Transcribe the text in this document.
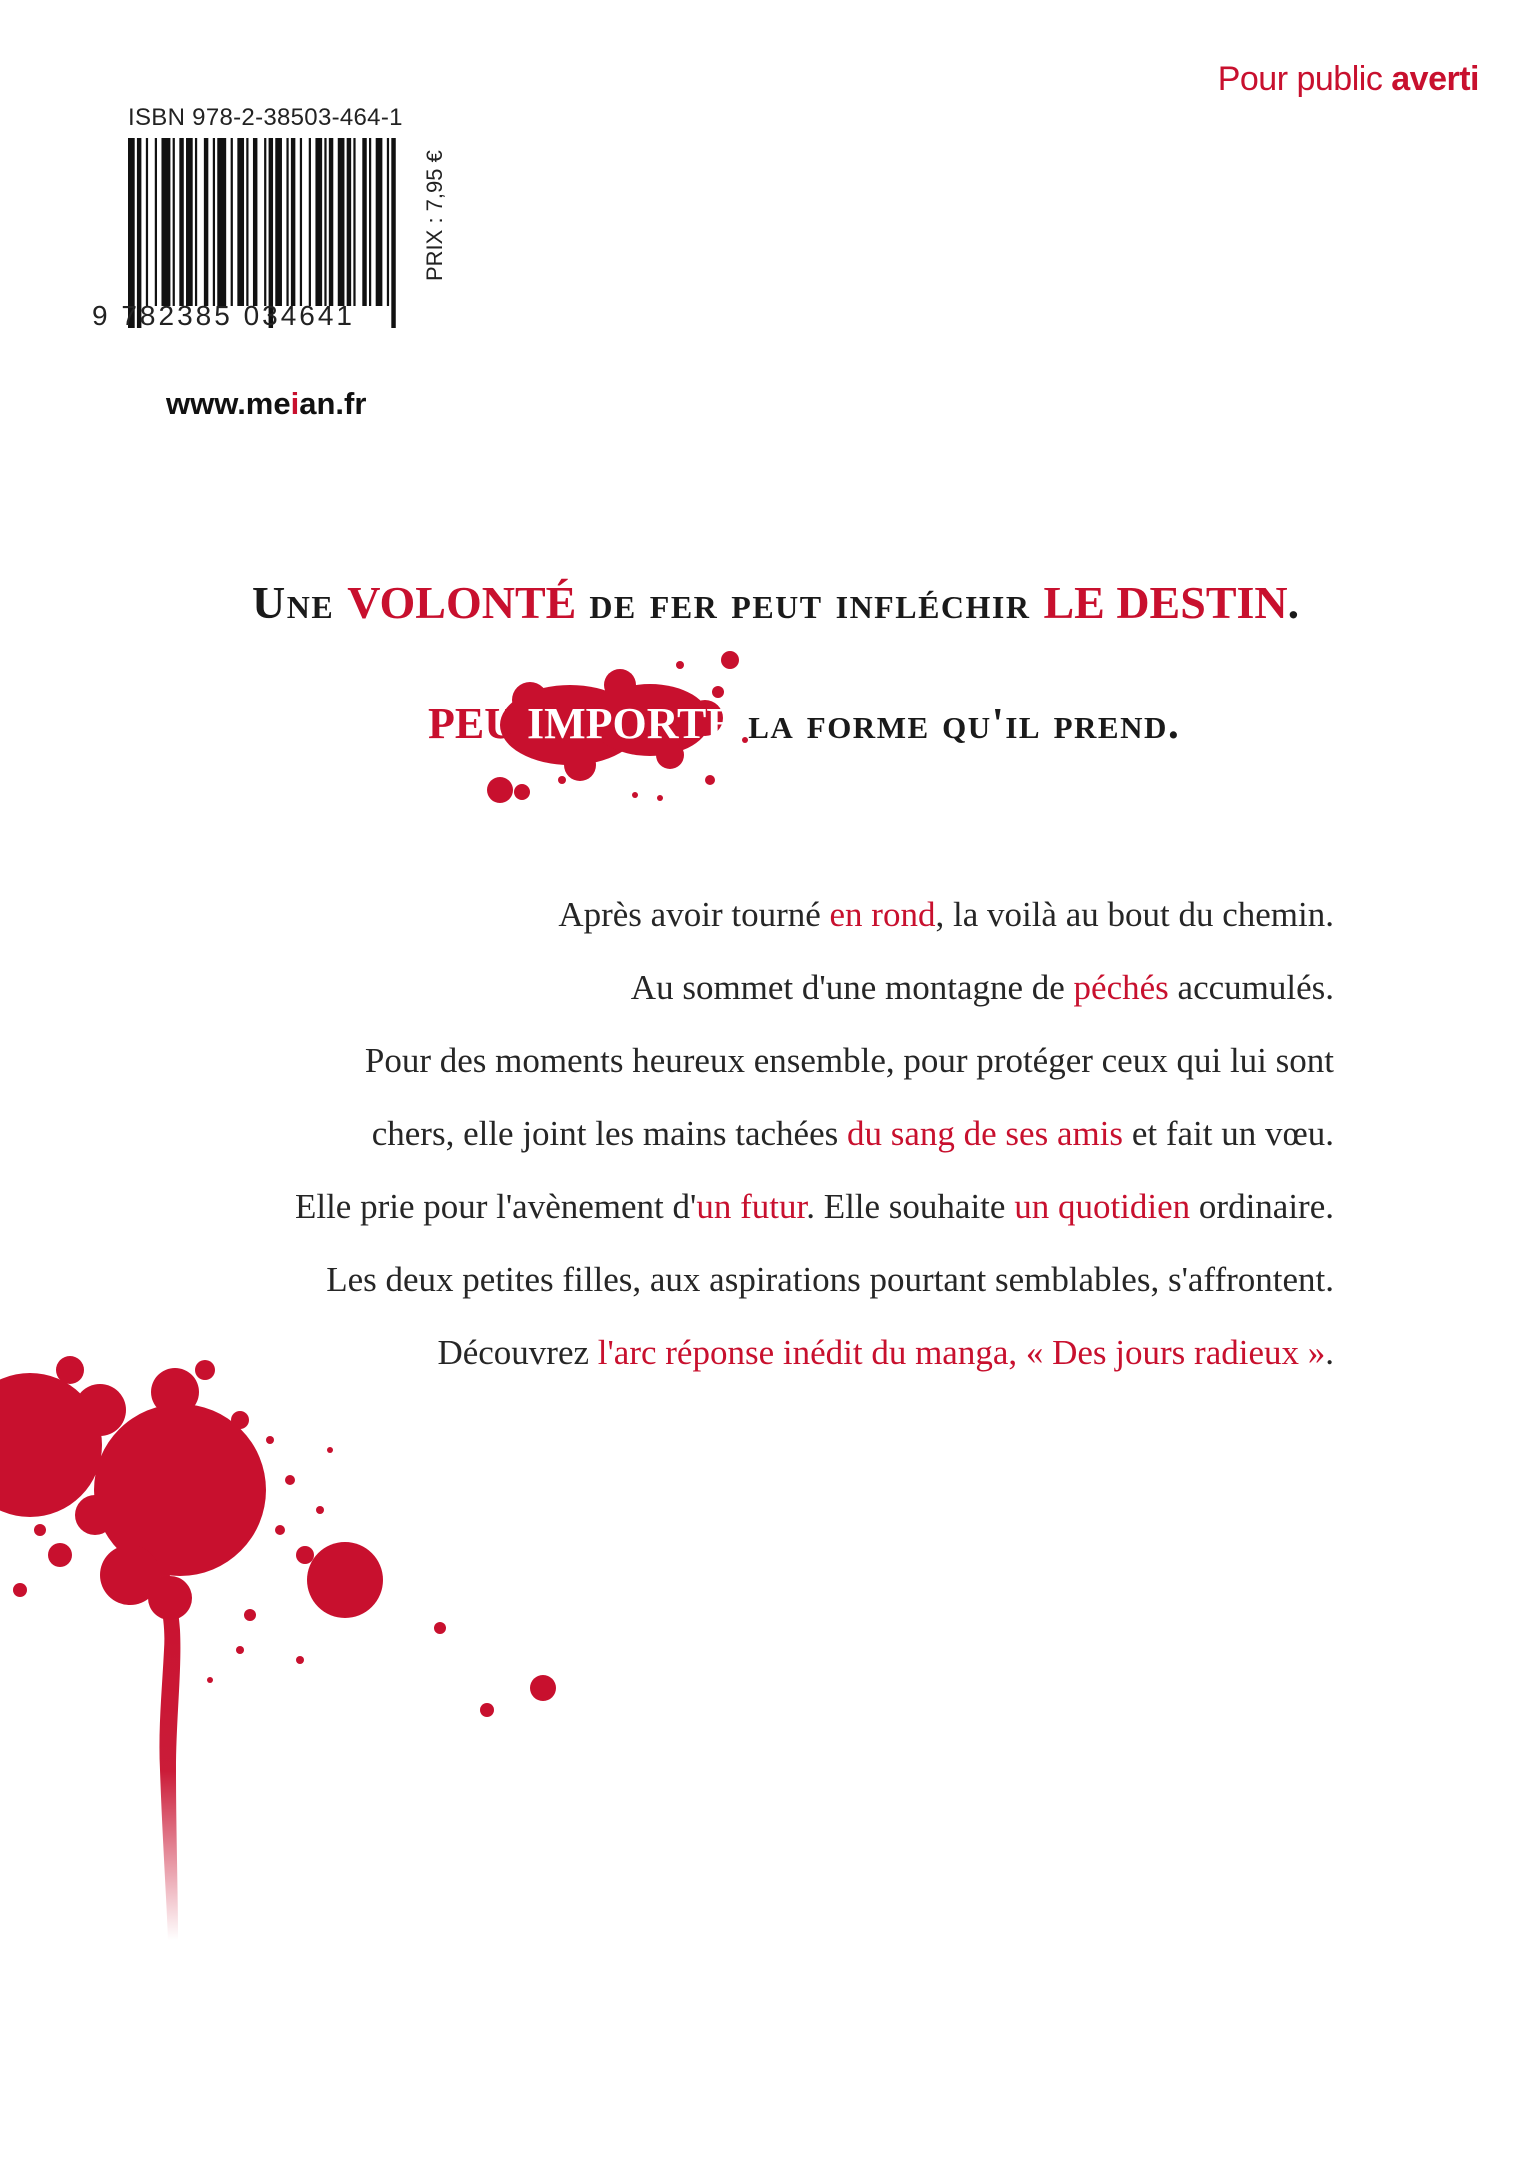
Pour public averti
ISBN 978-2-38503-464-1
9 782385 034641
PRIX : 7,95 €
www.meian.fr
Une VOLONTÉ de fer peut infléchir LE DESTIN.
PEU IMPORTE la forme qu'il prend.
Après avoir tourné en rond, la voilà au bout du chemin.
Au sommet d'une montagne de péchés accumulés.
Pour des moments heureux ensemble, pour protéger ceux qui lui sont
chers, elle joint les mains tachées du sang de ses amis et fait un vœu.
Elle prie pour l'avènement d'un futur. Elle souhaite un quotidien ordinaire.
Les deux petites filles, aux aspirations pourtant semblables, s'affrontent.
Découvrez l'arc réponse inédit du manga, « Des jours radieux ».
